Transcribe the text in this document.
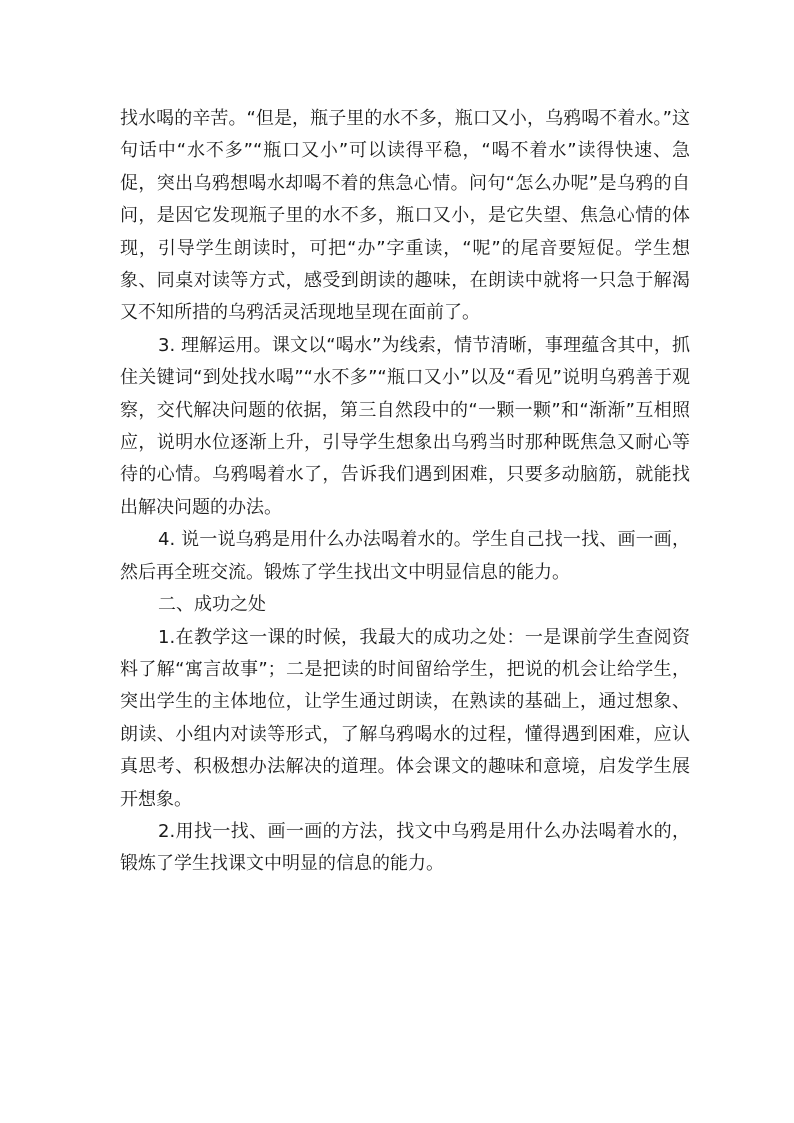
找水喝的辛苦。“但是，瓶子里的水不多，瓶口又小，乌鸦喝不着水。”这句话中“水不多”“瓶口又小”可以读得平稳，“喝不着水”读得快速、急促，突出乌鸦想喝水却喝不着的焦急心情。问句“怎么办呢”是乌鸦的自问，是因它发现瓶子里的水不多，瓶口又小，是它失望、焦急心情的体现，引导学生朗读时，可把“办”字重读，“呢”的尾音要短促。学生想象、同桌对读等方式，感受到朗读的趣味，在朗读中就将一只急于解渴又不知所措的乌鸦活灵活现地呈现在面前了。

3. 理解运用。课文以“喝水”为线索，情节清晰，事理蕴含其中，抓住关键词“到处找水喝”“水不多”“瓶口又小”以及“看见”说明乌鸦善于观察，交代解决问题的依据，第三自然段中的“一颗一颗”和“渐渐”互相照应，说明水位逐渐上升，引导学生想象出乌鸦当时那种既焦急又耐心等待的心情。乌鸦喝着水了，告诉我们遇到困难，只要多动脑筋，就能找出解决问题的办法。

4. 说一说乌鸦是用什么办法喝着水的。学生自己找一找、画一画，然后再全班交流。锻炼了学生找出文中明显信息的能力。

二、成功之处

1.在教学这一课的时候，我最大的成功之处：一是课前学生查阅资料了解“寓言故事”；二是把读的时间留给学生，把说的机会让给学生，突出学生的主体地位，让学生通过朗读，在熟读的基础上，通过想象、朗读、小组内对读等形式，了解乌鸦喝水的过程，懂得遇到困难，应认真思考、积极想办法解决的道理。体会课文的趣味和意境，启发学生展开想象。

2.用找一找、画一画的方法，找文中乌鸦是用什么办法喝着水的，锻炼了学生找课文中明显的信息的能力。
